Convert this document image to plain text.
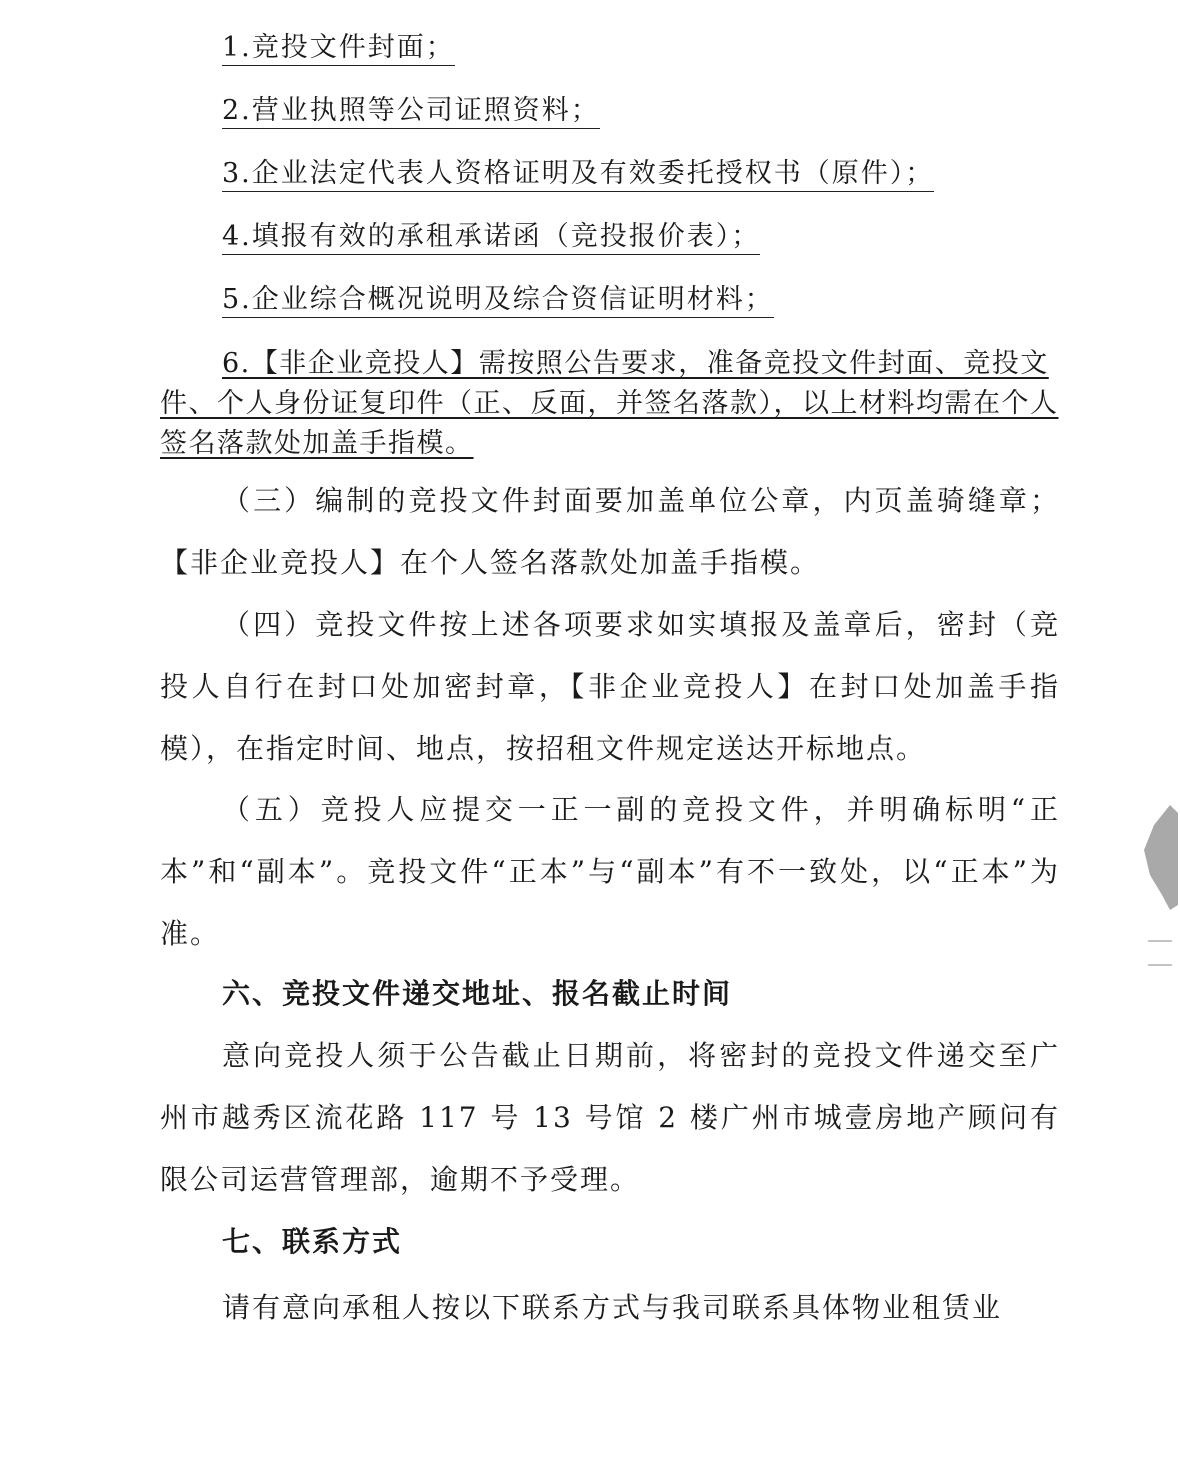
1.竞投文件封面；
2.营业执照等公司证照资料；
3.企业法定代表人资格证明及有效委托授权书（原件）；
4.填报有效的承租承诺函（竞投报价表）；
5.企业综合概况说明及综合资信证明材料；
6.【非企业竞投人】需按照公告要求，准备竞投文件封面、竞投文件、个人身份证复印件（正、反面，并签名落款），以上材料均需在个人签名落款处加盖手指模。
（三）编制的竞投文件封面要加盖单位公章，内页盖骑缝章；【非企业竞投人】在个人签名落款处加盖手指模。
（四）竞投文件按上述各项要求如实填报及盖章后，密封（竞投人自行在封口处加密封章，【非企业竞投人】在封口处加盖手指模），在指定时间、地点，按招租文件规定送达开标地点。
（五）竞投人应提交一正一副的竞投文件，并明确标明“正本”和“副本”。竞投文件“正本”与“副本”有不一致处，以“正本”为准。
六、竞投文件递交地址、报名截止时间
意向竞投人须于公告截止日期前，将密封的竞投文件递交至广州市越秀区流花路 117 号 13 号馆 2 楼广州市城壹房地产顾问有限公司运营管理部，逾期不予受理。
七、联系方式
请有意向承租人按以下联系方式与我司联系具体物业租赁业
